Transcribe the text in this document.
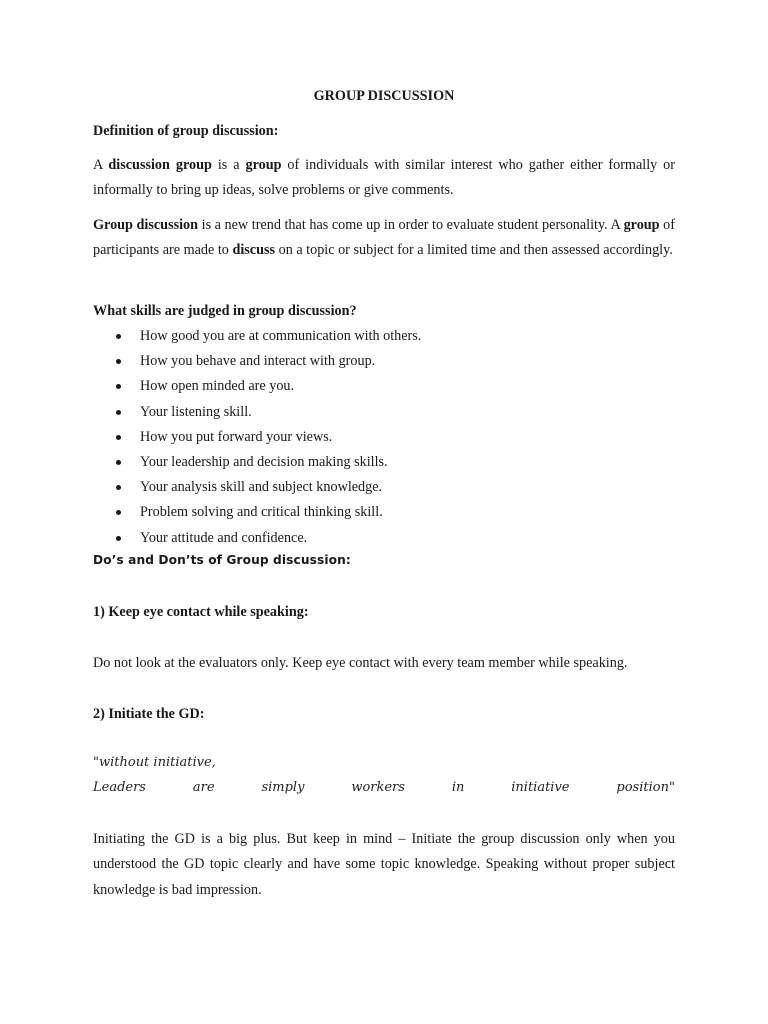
GROUP DISCUSSION
Definition of group discussion:

A discussion group is a group of individuals with similar interest who gather either formally or informally to bring up ideas, solve problems or give comments.

Group discussion is a new trend that has come up in order to evaluate student personality. A group of participants are made to discuss on a topic or subject for a limited time and then assessed accordingly.

What skills are judged in group discussion?
How good you are at communication with others.
How you behave and interact with group.
How open minded are you.
Your listening skill.
How you put forward your views.
Your leadership and decision making skills.
Your analysis skill and subject knowledge.
Problem solving and critical thinking skill.
Your attitude and confidence.
Do’s and Don’ts of Group discussion:
1) Keep eye contact while speaking:
Do not look at the evaluators only. Keep eye contact with every team member while speaking.
2) Initiate the GD:
"without initiative,
Leaders	are	simply	workers	in	initiative	position"

Initiating the GD is a big plus. But keep in mind – Initiate the group discussion only when you understood the GD topic clearly and have some topic knowledge. Speaking without proper subject knowledge is bad impression.
